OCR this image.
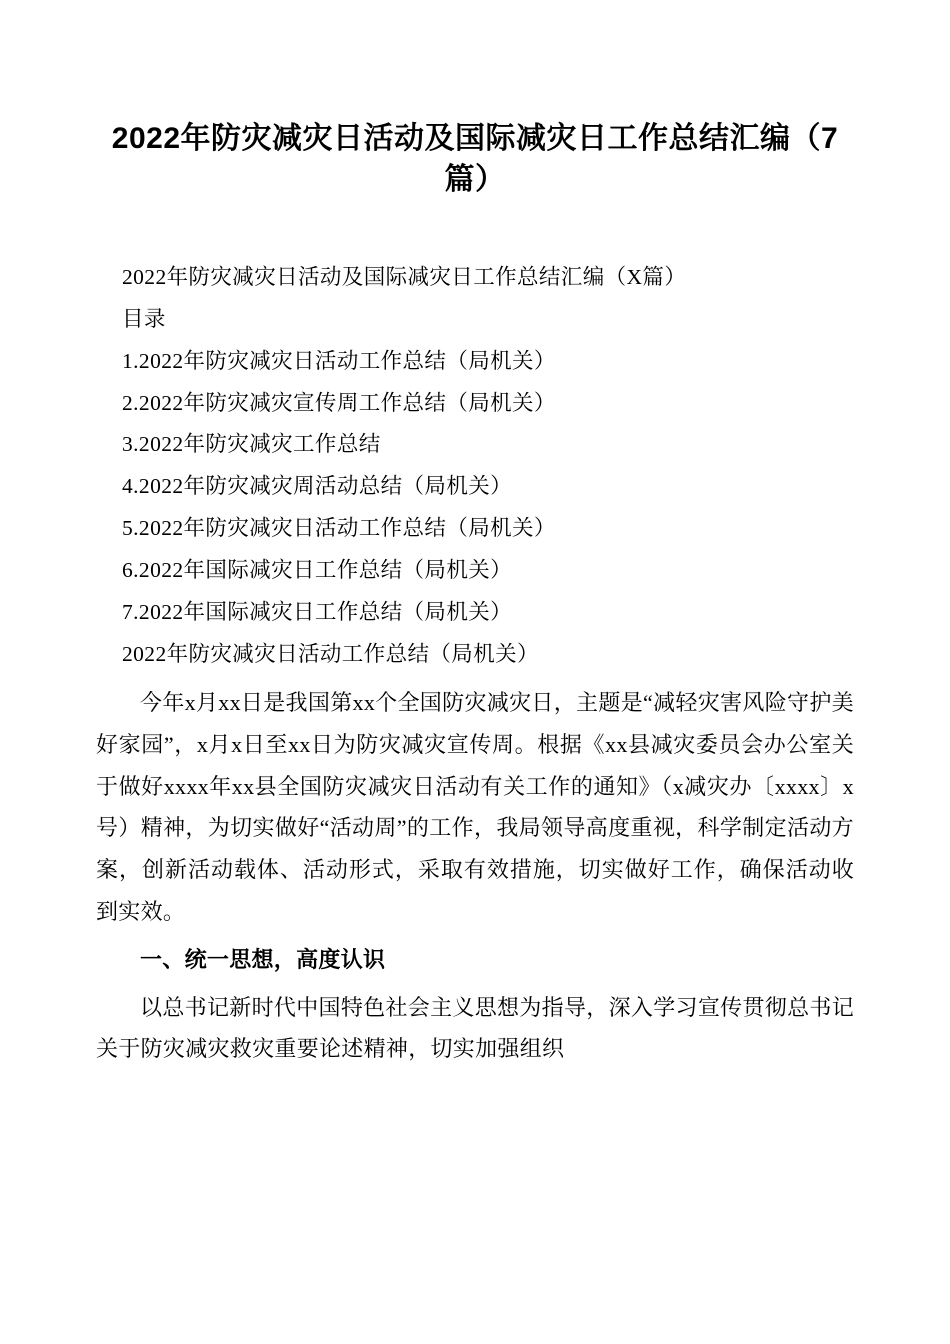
2022年防灾减灾日活动及国际减灾日工作总结汇编（7篇）
2022年防灾减灾日活动及国际减灾日工作总结汇编（X篇）
目录
1.2022年防灾减灾日活动工作总结（局机关）
2.2022年防灾减灾宣传周工作总结（局机关）
3.2022年防灾减灾工作总结
4.2022年防灾减灾周活动总结（局机关）
5.2022年防灾减灾日活动工作总结（局机关）
6.2022年国际减灾日工作总结（局机关）
7.2022年国际减灾日工作总结（局机关）
2022年防灾减灾日活动工作总结（局机关）

今年x月xx日是我国第xx个全国防灾减灾日，主题是“减轻灾害风险守护美好家园”，x月x日至xx日为防灾减灾宣传周。根据《xx县减灾委员会办公室关于做好xxxx年xx县全国防灾减灾日活动有关工作的通知》（x减灾办〔xxxx〕x号）精神，为切实做好“活动周”的工作，我局领导高度重视，科学制定活动方案，创新活动载体、活动形式，采取有效措施，切实做好工作，确保活动收到实效。

一、统一思想，高度认识

以总书记新时代中国特色社会主义思想为指导，深入学习宣传贯彻总书记关于防灾减灾救灾重要论述精神，切实加强组织
